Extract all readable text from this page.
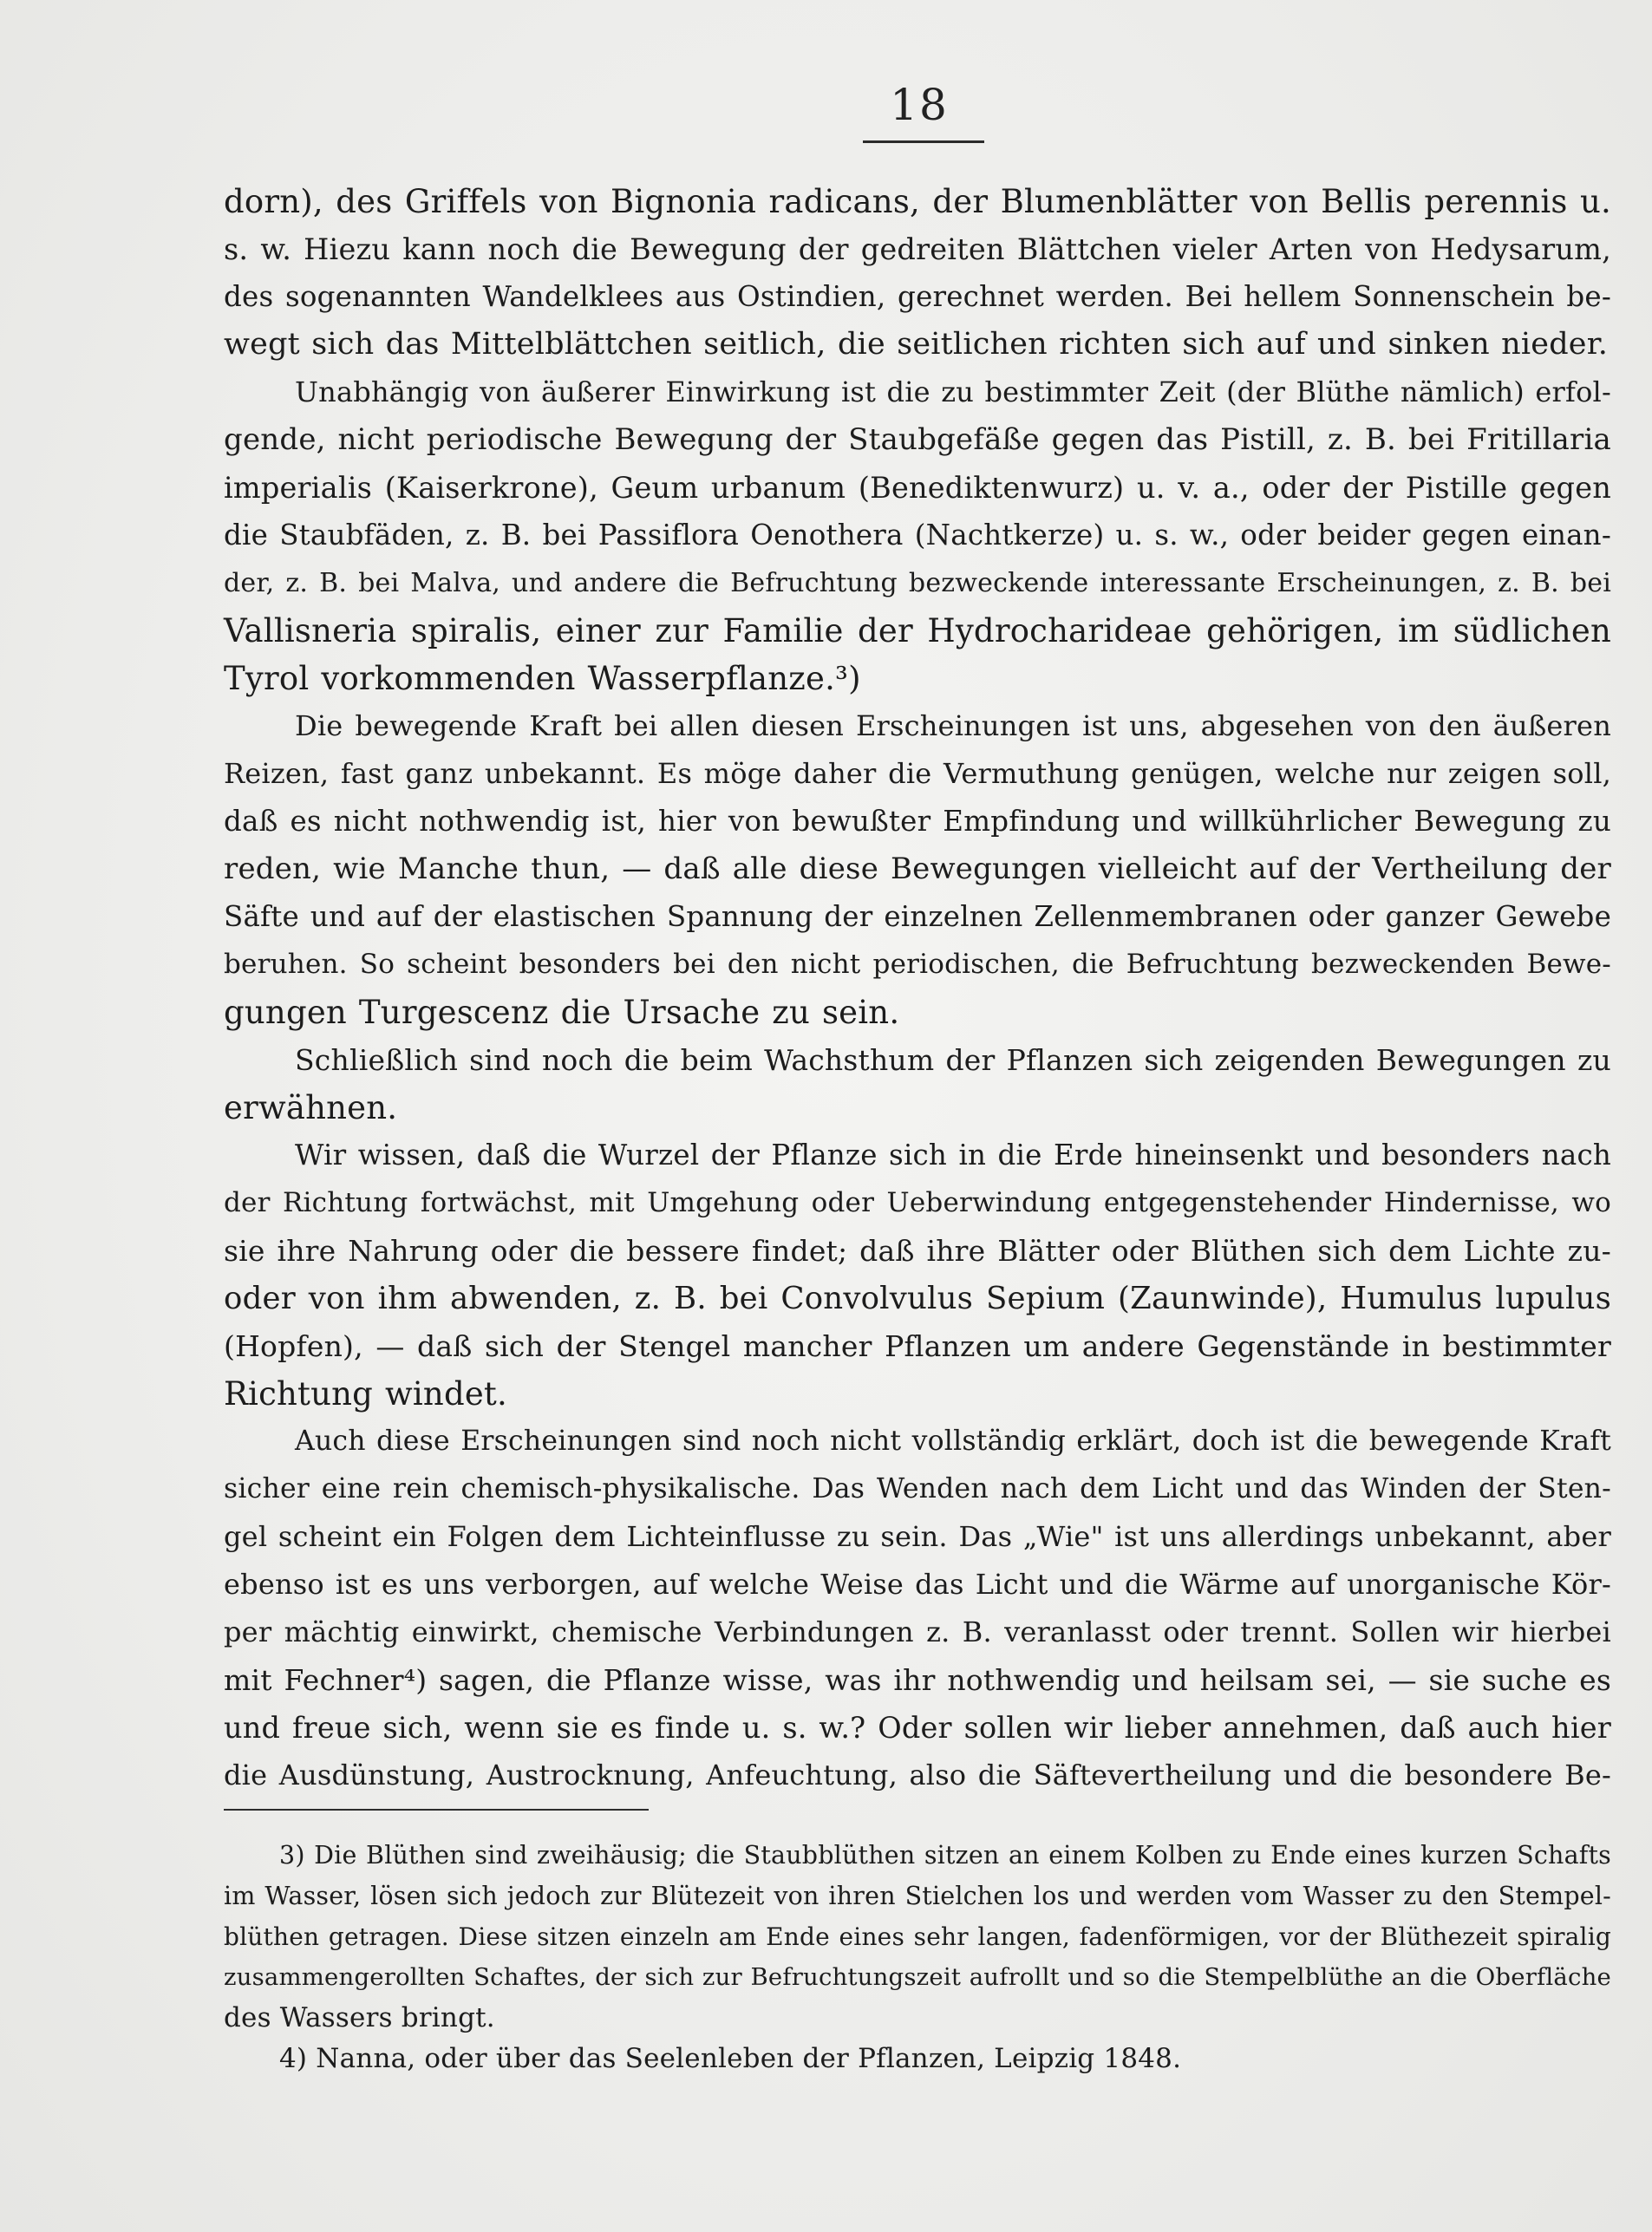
18
dorn), des Griffels von Bignonia radicans, der Blumenblätter von Bellis perennis u.
s. w. Hiezu kann noch die Bewegung der gedreiten Blättchen vieler Arten von Hedysarum,
des sogenannten Wandelklees aus Ostindien, gerechnet werden. Bei hellem Sonnenschein be-
wegt sich das Mittelblättchen seitlich, die seitlichen richten sich auf und sinken nieder.
Unabhängig von äußerer Einwirkung ist die zu bestimmter Zeit (der Blüthe nämlich) erfol-
gende, nicht periodische Bewegung der Staubgefäße gegen das Pistill, z. B. bei Fritillaria
imperialis (Kaiserkrone), Geum urbanum (Benediktenwurz) u. v. a., oder der Pistille gegen
die Staubfäden, z. B. bei Passiflora Oenothera (Nachtkerze) u. s. w., oder beider gegen einan-
der, z. B. bei Malva, und andere die Befruchtung bezweckende interessante Erscheinungen, z. B. bei
Vallisneria spiralis, einer zur Familie der Hydrocharideae gehörigen, im südlichen
Tyrol vorkommenden Wasserpflanze.³)
Die bewegende Kraft bei allen diesen Erscheinungen ist uns, abgesehen von den äußeren
Reizen, fast ganz unbekannt. Es möge daher die Vermuthung genügen, welche nur zeigen soll,
daß es nicht nothwendig ist, hier von bewußter Empfindung und willkührlicher Bewegung zu
reden, wie Manche thun, — daß alle diese Bewegungen vielleicht auf der Vertheilung der
Säfte und auf der elastischen Spannung der einzelnen Zellenmembranen oder ganzer Gewebe
beruhen. So scheint besonders bei den nicht periodischen, die Befruchtung bezweckenden Bewe-
gungen Turgescenz die Ursache zu sein.
Schließlich sind noch die beim Wachsthum der Pflanzen sich zeigenden Bewegungen zu
erwähnen.
Wir wissen, daß die Wurzel der Pflanze sich in die Erde hineinsenkt und besonders nach
der Richtung fortwächst, mit Umgehung oder Ueberwindung entgegenstehender Hindernisse, wo
sie ihre Nahrung oder die bessere findet; daß ihre Blätter oder Blüthen sich dem Lichte zu-
oder von ihm abwenden, z. B. bei Convolvulus Sepium (Zaunwinde), Humulus lupulus
(Hopfen), — daß sich der Stengel mancher Pflanzen um andere Gegenstände in bestimmter
Richtung windet.
Auch diese Erscheinungen sind noch nicht vollständig erklärt, doch ist die bewegende Kraft
sicher eine rein chemisch-physikalische. Das Wenden nach dem Licht und das Winden der Sten-
gel scheint ein Folgen dem Lichteinflusse zu sein. Das „Wie" ist uns allerdings unbekannt, aber
ebenso ist es uns verborgen, auf welche Weise das Licht und die Wärme auf unorganische Kör-
per mächtig einwirkt, chemische Verbindungen z. B. veranlasst oder trennt. Sollen wir hierbei
mit Fechner⁴) sagen, die Pflanze wisse, was ihr nothwendig und heilsam sei, — sie suche es
und freue sich, wenn sie es finde u. s. w.? Oder sollen wir lieber annehmen, daß auch hier
die Ausdünstung, Austrocknung, Anfeuchtung, also die Säftevertheilung und die besondere Be-
3) Die Blüthen sind zweihäusig; die Staubblüthen sitzen an einem Kolben zu Ende eines kurzen Schafts
im Wasser, lösen sich jedoch zur Blütezeit von ihren Stielchen los und werden vom Wasser zu den Stempel-
blüthen getragen. Diese sitzen einzeln am Ende eines sehr langen, fadenförmigen, vor der Blüthezeit spiralig
zusammengerollten Schaftes, der sich zur Befruchtungszeit aufrollt und so die Stempelblüthe an die Oberfläche
des Wassers bringt.
4) Nanna, oder über das Seelenleben der Pflanzen, Leipzig 1848.
